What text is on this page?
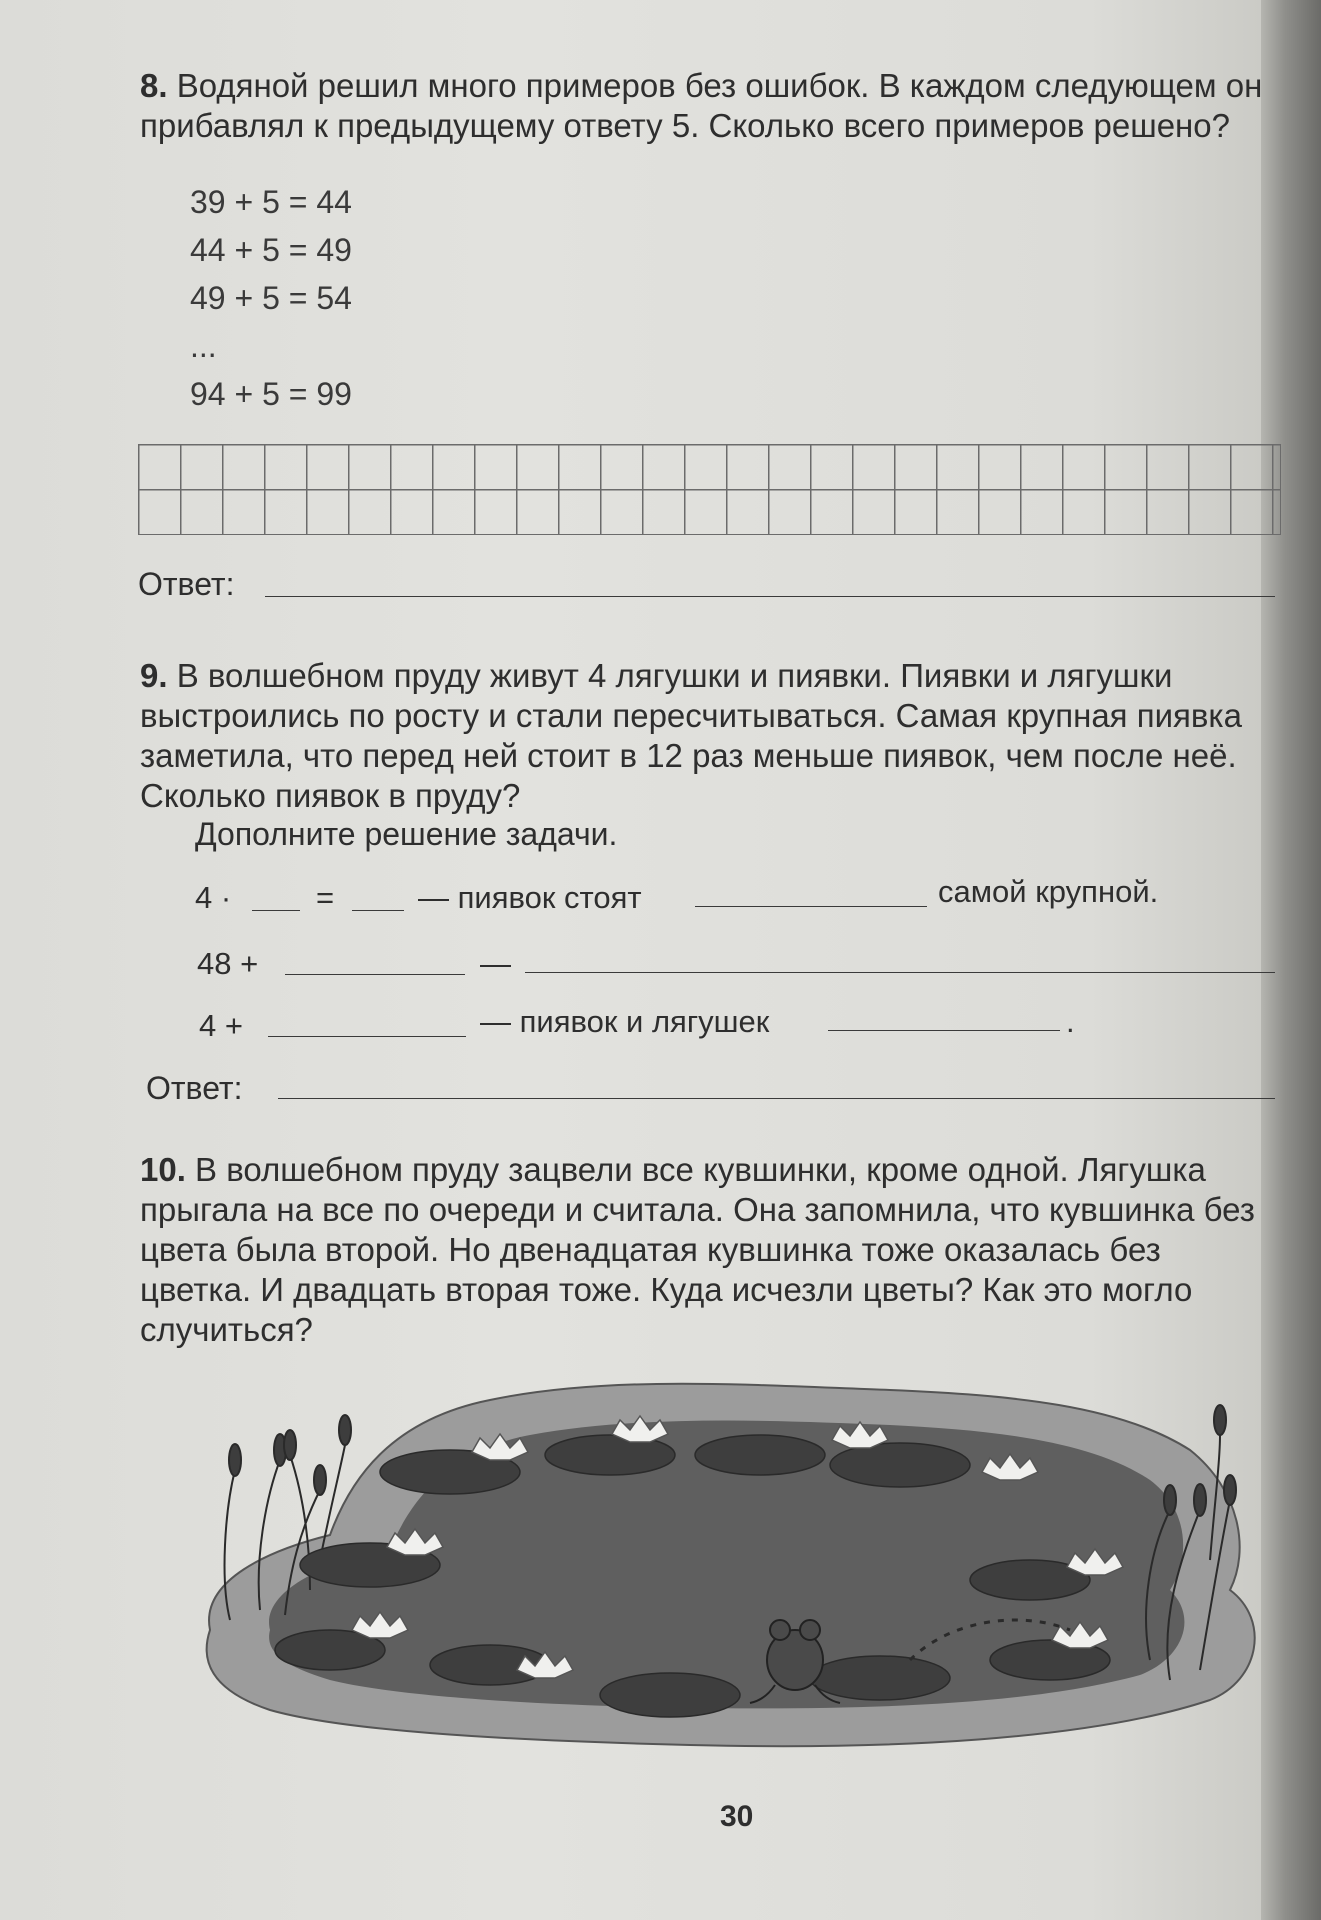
8. Водяной решил много примеров без ошибок. В каждом следующем он прибавлял к предыдущему ответу 5. Сколько всего примеров решено?

39 + 5 = 44
44 + 5 = 49
49 + 5 = 54
...
94 + 5 = 99
Ответ:

9. В волшебном пруду живут 4 лягушки и пиявки. Пиявки и лягушки выстроились по росту и стали пересчитываться. Самая крупная пиявка заметила, что перед ней стоит в 12 раз меньше пиявок, чем после неё. Сколько пиявок в пруду?

Дополните решение задачи.
4 ·	=	— пиявок стоят	самой крупной.
48 +	—
4 +	— пиявок и лягушек	.
Ответ:

10. В волшебном пруду зацвели все кувшинки, кроме одной. Лягушка прыгала на все по очереди и считала. Она запомнила, что кувшинка без цвета была второй. Но двенадцатая кувшинка тоже оказалась без цветка. И двадцать вторая тоже. Куда исчезли цветы? Как это могло случиться?

30
